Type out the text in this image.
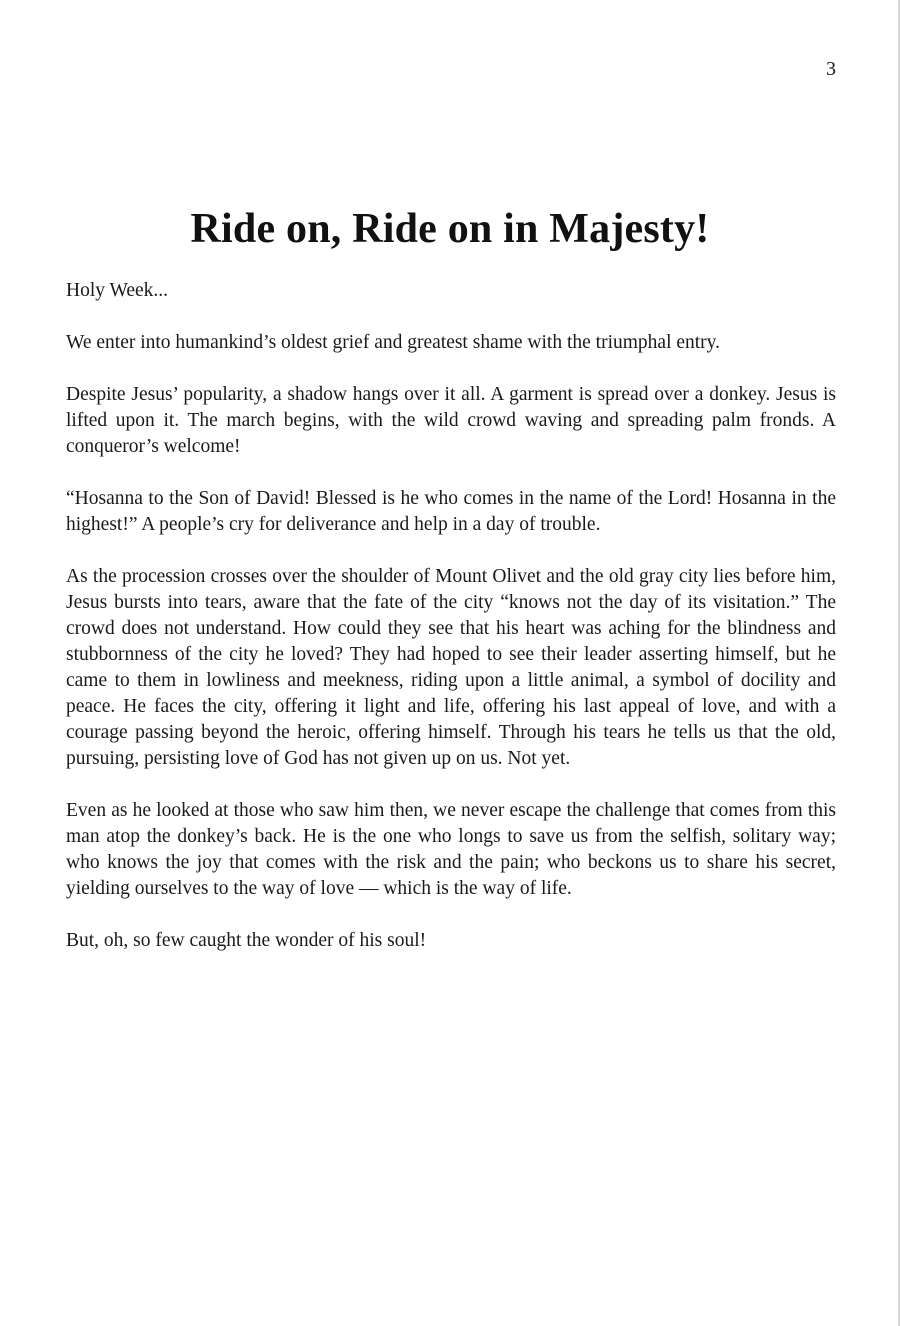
3
Ride on, Ride on in Majesty!

Holy Week...

We enter into humankind’s oldest grief and greatest shame with the triumphal entry.

Despite Jesus’ popularity, a shadow hangs over it all. A garment is spread over a donkey. Jesus is lifted upon it. The march begins, with the wild crowd waving and spreading palm fronds. A conqueror’s welcome!

“Hosanna to the Son of David! Blessed is he who comes in the name of the Lord! Hosanna in the highest!” A people’s cry for deliverance and help in a day of trouble.

As the procession crosses over the shoulder of Mount Olivet and the old gray city lies before him, Jesus bursts into tears, aware that the fate of the city “knows not the day of its visitation.” The crowd does not understand. How could they see that his heart was aching for the blindness and stubbornness of the city he loved? They had hoped to see their leader asserting himself, but he came to them in lowliness and meekness, riding upon a little animal, a symbol of docility and peace. He faces the city, offering it light and life, offering his last appeal of love, and with a courage passing beyond the heroic, offering himself. Through his tears he tells us that the old, pursuing, persisting love of God has not given up on us. Not yet.

Even as he looked at those who saw him then, we never escape the challenge that comes from this man atop the donkey’s back. He is the one who longs to save us from the selfish, solitary way; who knows the joy that comes with the risk and the pain; who beckons us to share his secret, yielding ourselves to the way of love — which is the way of life.

But, oh, so few caught the wonder of his soul!
